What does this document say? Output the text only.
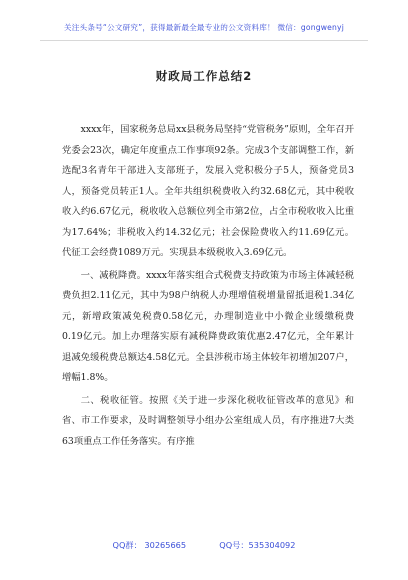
关注头条号“公文研究”，获得最新最全最专业的公文资料库！ 微信：gongwenyj
财政局工作总结2

xxxx年，国家税务总局xx县税务局坚持“党管税务”原则，全年召开党委会23次，确定年度重点工作事项92条。完成3个支部调整工作，新选配3名青年干部进入支部班子，发展入党积极分子5人，预备党员3人，预备党员转正1人。全年共组织税费收入约32.68亿元，其中税收收入约6.67亿元，税收收入总额位列全市第2位，占全市税收收入比重为17.64%；非税收入约14.32亿元；社会保险费收入约11.69亿元。代征工会经费1089万元。实现县本级税收入3.69亿元。

一、减税降费。xxxx年落实组合式税费支持政策为市场主体减轻税费负担2.11亿元，其中为98户纳税人办理增值税增量留抵退税1.34亿元，新增政策减免税费0.58亿元，办理制造业中小微企业缓缴税费0.19亿元。加上办理落实原有减税降费政策优惠2.47亿元，全年累计退减免缓税费总额达4.58亿元。全县涉税市场主体较年初增加207户，增幅1.8%。

二、税收征管。按照《关于进一步深化税收征管改革的意见》和省、市工作要求，及时调整领导小组办公室组成人员，有序推进7大类63项重点工作任务落实。有序推

QQ群： 30265665	QQ号：535304092
